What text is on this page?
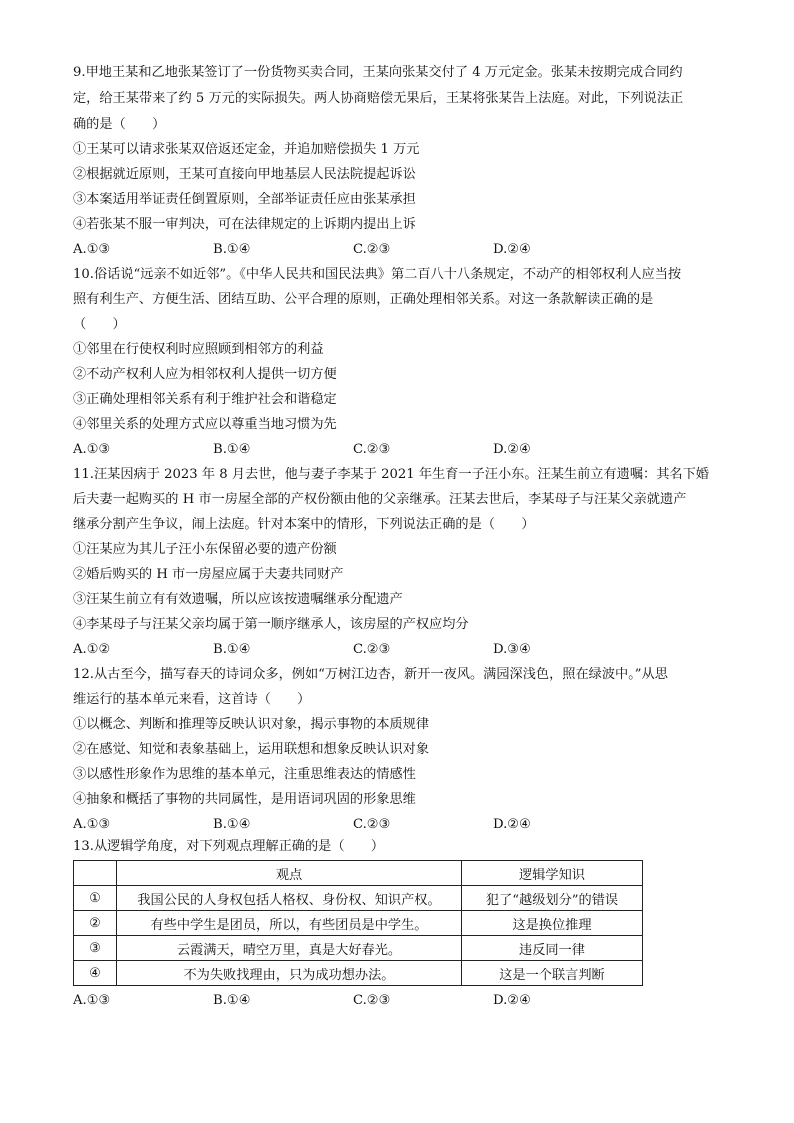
9.甲地王某和乙地张某签订了一份货物买卖合同，王某向张某交付了 4 万元定金。张某未按期完成合同约
定，给王某带来了约 5 万元的实际损失。两人协商赔偿无果后，王某将张某告上法庭。对此，下列说法正
确的是（　　）
①王某可以请求张某双倍返还定金，并追加赔偿损失 1 万元
②根据就近原则，王某可直接向甲地基层人民法院提起诉讼
③本案适用举证责任倒置原则，全部举证责任应由张某承担
④若张某不服一审判决，可在法律规定的上诉期内提出上诉
A.①③	B.①④	C.②③	D.②④
10.俗话说“远亲不如近邻”。《中华人民共和国民法典》第二百八十八条规定，不动产的相邻权利人应当按
照有利生产、方便生活、团结互助、公平合理的原则，正确处理相邻关系。对这一条款解读正确的是
（　　）
①邻里在行使权利时应照顾到相邻方的利益
②不动产权利人应为相邻权利人提供一切方便
③正确处理相邻关系有利于维护社会和谐稳定
④邻里关系的处理方式应以尊重当地习惯为先
A.①③	B.①④	C.②③	D.②④
11.汪某因病于 2023 年 8 月去世，他与妻子李某于 2021 年生育一子汪小东。汪某生前立有遗嘱：其名下婚
后夫妻一起购买的 H 市一房屋全部的产权份额由他的父亲继承。汪某去世后，李某母子与汪某父亲就遗产
继承分割产生争议，闹上法庭。针对本案中的情形，下列说法正确的是（　　）
①汪某应为其儿子汪小东保留必要的遗产份额
②婚后购买的 H 市一房屋应属于夫妻共同财产
③汪某生前立有有效遗嘱，所以应该按遗嘱继承分配遗产
④李某母子与汪某父亲均属于第一顺序继承人，该房屋的产权应均分
A.①②	B.①④	C.②③	D.③④
12.从古至今，描写春天的诗词众多，例如“万树江边杏，新开一夜风。满园深浅色，照在绿波中。”从思
维运行的基本单元来看，这首诗（　　）
①以概念、判断和推理等反映认识对象，揭示事物的本质规律
②在感觉、知觉和表象基础上，运用联想和想象反映认识对象
③以感性形象作为思维的基本单元，注重思维表达的情感性
④抽象和概括了事物的共同属性，是用语词巩固的形象思维
A.①③	B.①④	C.②③	D.②④
13.从逻辑学角度，对下列观点理解正确的是（　　）
	观点	逻辑学知识
①	我国公民的人身权包括人格权、身份权、知识产权。	犯了“越级划分”的错误
②	有些中学生是团员，所以，有些团员是中学生。	这是换位推理
③	云霞满天，晴空万里，真是大好春光。	违反同一律
④	不为失败找理由，只为成功想办法。	这是一个联言判断
A.①③	B.①④	C.②③	D.②④
